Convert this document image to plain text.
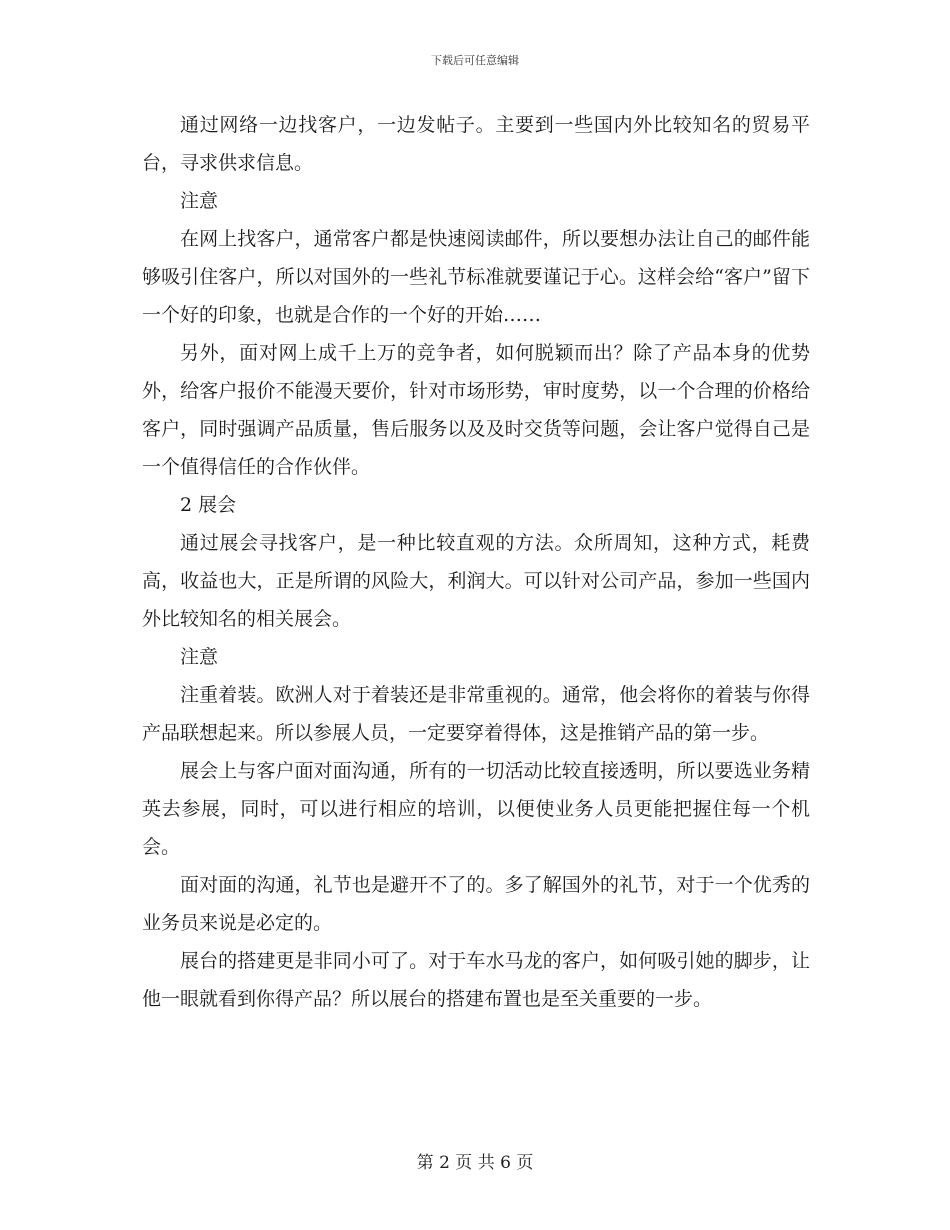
下载后可任意编辑

通过网络一边找客户，一边发帖子。主要到一些国内外比较知名的贸易平台，寻求供求信息。

注意

在网上找客户，通常客户都是快速阅读邮件，所以要想办法让自己的邮件能够吸引住客户，所以对国外的一些礼节标准就要谨记于心。这样会给“客户”留下一个好的印象，也就是合作的一个好的开始……

另外，面对网上成千上万的竞争者，如何脱颖而出？除了产品本身的优势外，给客户报价不能漫天要价，针对市场形势，审时度势，以一个合理的价格给客户，同时强调产品质量，售后服务以及及时交货等问题，会让客户觉得自己是一个值得信任的合作伙伴。

2 展会

通过展会寻找客户，是一种比较直观的方法。众所周知，这种方式，耗费高，收益也大，正是所谓的风险大，利润大。可以针对公司产品，参加一些国内外比较知名的相关展会。

注意

注重着装。欧洲人对于着装还是非常重视的。通常，他会将你的着装与你得产品联想起来。所以参展人员，一定要穿着得体，这是推销产品的第一步。

展会上与客户面对面沟通，所有的一切活动比较直接透明，所以要选业务精英去参展，同时，可以进行相应的培训，以便使业务人员更能把握住每一个机会。

面对面的沟通，礼节也是避开不了的。多了解国外的礼节，对于一个优秀的业务员来说是必定的。

展台的搭建更是非同小可了。对于车水马龙的客户，如何吸引她的脚步，让他一眼就看到你得产品？所以展台的搭建布置也是至关重要的一步。

第 2 页 共 6 页
